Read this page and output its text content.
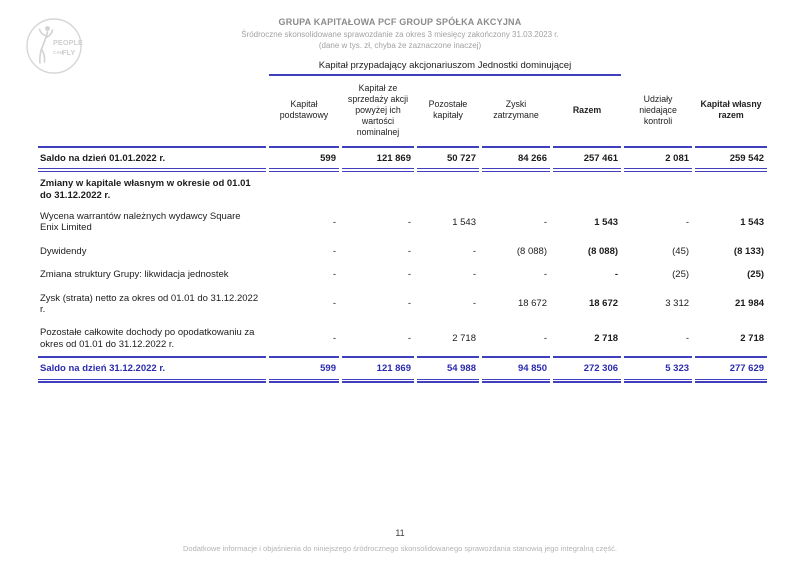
PEOPLE
CAN FLY
GRUPA KAPITAŁOWA PCF GROUP SPÓŁKA AKCYJNA
Śródroczne skonsolidowane sprawozdanie za okres 3 miesięcy zakończony 31.03.2023 r.
(dane w tys. zł, chyba że zaznaczone inaczej)
	Kapitał przypadający akcjonariuszom Jednostki dominującej						
	Kapitał podstawowy	Kapitał ze sprzedaży akcji powyżej ich wartości nominalnej	Pozostałe kapitały	Zyski zatrzymane	Razem	Udziały niedające kontroli	Kapitał własny razem
Saldo na dzień 01.01.2022 r.	599	121 869	50 727	84 266	257 461	2 081	259 542
Zmiany w kapitale własnym w okresie od 01.01 do 31.12.2022 r.							
Wycena warrantów należnych wydawcy Square Enix Limited	-	-	1 543	-	1 543	-	1 543
Dywidendy	-	-	-	(8 088)	(8 088)	(45)	(8 133)
Zmiana struktury Grupy: likwidacja jednostek	-	-	-	-	-	(25)	(25)
Zysk (strata) netto za okres od 01.01 do 31.12.2022 r.	-	-	-	18 672	18 672	3 312	21 984
Pozostałe całkowite dochody po opodatkowaniu za okres od 01.01 do 31.12.2022 r.	-	-	2 718	-	2 718	-	2 718
Saldo na dzień 31.12.2022 r.	599	121 869	54 988	94 850	272 306	5 323	277 629

11
Dodatkowe informacje i objaśnienia do niniejszego śródrocznego skonsolidowanego sprawozdania stanowią jego integralną część.
